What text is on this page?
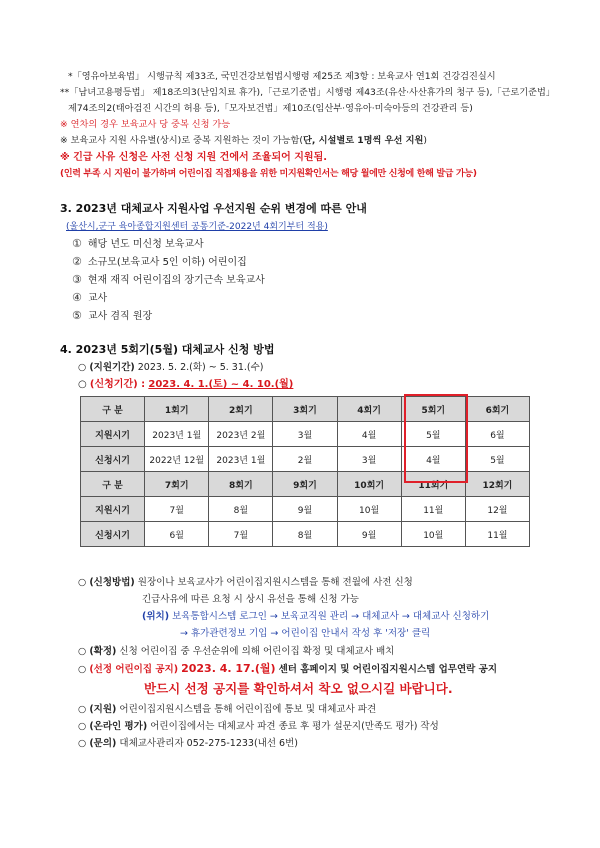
*「영유아보육법」 시행규칙 제33조, 국민건강보험법시행령 제25조 제3항 : 보육교사 연1회 건강검진실시
**「남녀고용평등법」 제18조의3(난임치료 휴가),「근로기준법」시행령 제43조(유산·사산휴가의 청구 등),「근로기준법」
제74조의2(태아검진 시간의 허용 등),「모자보건법」제10조(임산부·영유아·미숙아등의 건강관리 등)
※ 연차의 경우 보육교사 당 중복 신청 가능
※ 보육교사 지원 사유별(상시)로 중복 지원하는 것이 가능함(단, 시설별로 1명씩 우선 지원)
※ 긴급 사유 신청은 사전 신청 지원 건에서 조율되어 지원됨.
(인력 부족 시 지원이 불가하며 어린이집 직접채용을 위한 미지원확인서는 해당 월에만 신청에 한해 발급 가능)
3. 2023년 대체교사 지원사업 우선지원 순위 변경에 따른 안내
(울산시,군구 육아종합지원센터 공통기준-2022년 4회기부터 적용)
① 해당 년도 미신청 보육교사
② 소규모(보육교사 5인 이하) 어린이집
③ 현재 재직 어린이집의 장기근속 보육교사
④ 교사
⑤ 교사 겸직 원장
4. 2023년 5회기(5월) 대체교사 신청 방법
○ (지원기간) 2023. 5. 2.(화) ~ 5. 31.(수)
○ (신청기간) : 2023. 4. 1.(토) ~ 4. 10.(월)
구 분	1회기	2회기	3회기	4회기	5회기	6회기
지원시기	2023년 1월	2023년 2월	3월	4월	5월	6월
신청시기	2022년 12월	2023년 1월	2월	3월	4월	5월
구 분	7회기	8회기	9회기	10회기	11회기	12회기
지원시기	7월	8월	9월	10월	11월	12월
신청시기	6월	7월	8월	9월	10월	11월
○ (신청방법) 원장이나 보육교사가 어린이집지원시스템을 통해 전월에 사전 신청
긴급사유에 따른 요청 시 상시 유선을 통해 신청 가능
(위치) 보육통합시스템 로그인 → 보육교직원 관리 → 대체교사 → 대체교사 신청하기
→ 휴가관련정보 기입 → 어린이집 안내서 작성 후 '저장' 클릭
○ (확정) 신청 어린이집 중 우선순위에 의해 어린이집 확정 및 대체교사 배치
○ (선정 어린이집 공지) 2023. 4. 17.(월) 센터 홈페이지 및 어린이집지원시스템 업무연락 공지
반드시 선정 공지를 확인하셔서 착오 없으시길 바랍니다.
○ (지원) 어린이집지원시스템을 통해 어린이집에 통보 및 대체교사 파견
○ (온라인 평가) 어린이집에서는 대체교사 파견 종료 후 평가 설문지(만족도 평가) 작성
○ (문의) 대체교사관리자 052-275-1233(내선 6번)
